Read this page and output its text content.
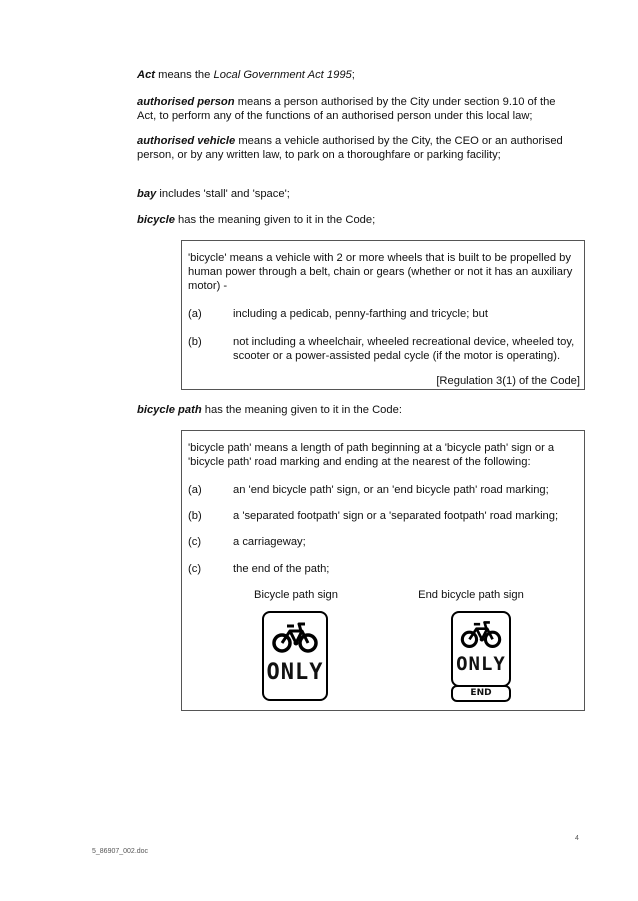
Act means the Local Government Act 1995;
authorised person means a person authorised by the City under section 9.10 of the Act, to perform any of the functions of an authorised person under this local law;
authorised vehicle means a vehicle authorised by the City, the CEO or an authorised person, or by any written law, to park on a thoroughfare or parking facility;
bay includes 'stall' and 'space';
bicycle has the meaning given to it in the Code;
'bicycle' means a vehicle with 2 or more wheels that is built to be propelled by human power through a belt, chain or gears (whether or not it has an auxiliary motor) -
(a)	including a pedicab, penny-farthing and tricycle; but
(b)	not including a wheelchair, wheeled recreational device, wheeled toy, scooter or a power-assisted pedal cycle (if the motor is operating).
[Regulation 3(1) of the Code]
bicycle path has the meaning given to it in the Code:
'bicycle path' means a length of path beginning at a 'bicycle path' sign or a 'bicycle path' road marking and ending at the nearest of the following:
(a)	an 'end bicycle path' sign, or an 'end bicycle path' road marking;
(b)	a 'separated footpath' sign or a 'separated footpath' road marking;
(c)	a carriageway;
(c)	the end of the path;
Bicycle path sign
ONLY
End bicycle path sign
ONLY
END
5_86907_002.doc
4
